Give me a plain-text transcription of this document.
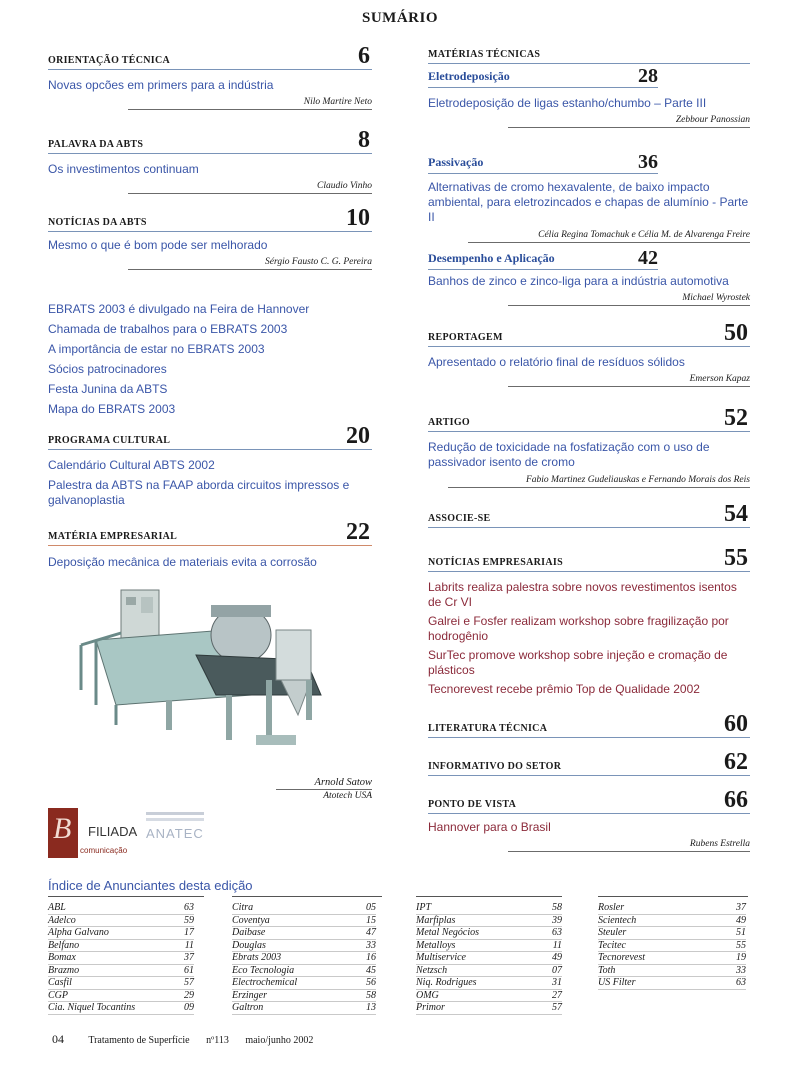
SUMÁRIO
ORIENTAÇÃO TÉCNICA	6
Novas opcões em primers para a indústria
Nilo Martire Neto
PALAVRA DA ABTS	8
Os investimentos continuam
Claudio Vinho
NOTÍCIAS DA ABTS	10
Mesmo o que é bom pode ser melhorado
Sérgio Fausto C. G. Pereira
EBRATS 2003 é divulgado na Feira de Hannover
Chamada de trabalhos para o EBRATS 2003
A importância de estar no EBRATS 2003
Sócios patrocinadores
Festa Junina da ABTS
Mapa do EBRATS 2003
PROGRAMA CULTURAL	20
Calendário Cultural ABTS 2002
Palestra da ABTS na FAAP aborda circuitos impressos e galvanoplastia
MATÉRIA EMPRESARIAL	22
Deposição mecânica de materiais evita a corrosão
Arnold Satow
Atotech USA
B
comunicação
FILIADA ANATEC
MATÉRIAS TÉCNICAS
Eletrodeposição	28
Eletrodeposição de ligas estanho/chumbo – Parte III
Zebbour Panossian
Passivação	36
Alternativas de cromo hexavalente, de baixo impacto ambiental, para eletrozincados e chapas de alumínio - Parte II
Célia Regina Tomachuk e Célia M. de Alvarenga Freire
Desempenho e Aplicação	42
Banhos de zinco e zinco-liga para a indústria automotiva
Michael Wyrostek
REPORTAGEM	50
Apresentado o relatório final de resíduos sólidos
Emerson Kapaz
ARTIGO	52
Redução de toxicidade na fosfatização com o uso de passivador isento de cromo
Fabio Martinez Gudeliauskas e Fernando Morais dos Reis
ASSOCIE-SE	54
NOTÍCIAS EMPRESARIAIS	55
Labrits realiza palestra sobre novos revestimentos isentos de Cr VI
Galrei e Fosfer realizam workshop sobre fragilização por hodrogênio
SurTec promove workshop sobre injeção e cromação de plásticos
Tecnorevest recebe prêmio Top de Qualidade 2002
LITERATURA TÉCNICA	60
INFORMATIVO DO SETOR	62
PONTO DE VISTA	66
Hannover para o Brasil
Rubens Estrella
Índice de Anunciantes desta edição
ABL	63
Adelco	59
Alpha Galvano	17
Belfano	11
Bomax	37
Brazmo	61
Casfil	57
CGP	29
Cia. Niquel Tocantins	09
Citra	05
Coventya	15
Daibase	47
Douglas	33
Ebrats 2003	16
Eco Tecnologia	45
Electrochemical	56
Erzinger	58
Galtron	13
IPT	58
Marfiplas	39
Metal Negócios	63
Metalloys	11
Multiservice	49
Netzsch	07
Niq. Rodrigues	31
OMG	27
Primor	57
Rosler	37
Scientech	49
Steuler	51
Tecitec	55
Tecnorevest	19
Toth	33
US Filter	63
04 Tratamento de Superfície nº113 maio/junho 2002
